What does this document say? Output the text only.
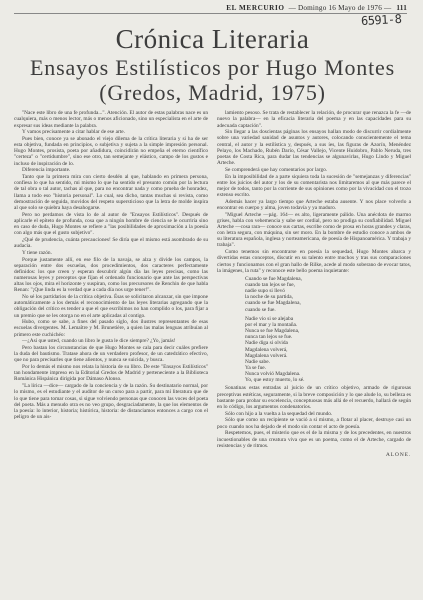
EL MERCURIO — Domingo 16 Mayo de 1976 — 111
6591-8
Crónica Literaria
Ensayos Estilísticos por Hugo Montes
(Gredos, Madrid, 1975)

"Nace este libro de una fe profunda...". Atención. El autor de estas palabras nace es un cualquiera, más o menos lector, más o menos aficionado, sino un especialista en el arte de expresar sus ideas mediante la palabra.

Y vamos precisamente a citar hablar de ese arte.

Pues bien, conoce ya se abonado el viejo dilema de la crítica literaria y si ha de ser esta objetiva, fundada en principios, o subjetiva y sujeta a la simple impresión personal. Hugo Montes, prosista, poeta por añadidura, coincidirán no empeña el eterno científico "certeza" o "certidumbre", sino ese otro, tan semejante y elástico, campo de los gustos e incluso de inspiración de lo.

Diferencia importante.

Tanto que la primera mira con cierto desdén al que, hablando en primera persona, confiesa lo que ha sentido, mi mismo lo que ha sentido el presunto común por la lectura de tal obra o tal autor, tachas al que, para no encontrar nada y como prueba de honradez, llama a todo eso "historia personal". Lo cual, sea dicho, tantas muchas si revista, como demostración de seguida, movidos del respeto supersticioso que la letra de molde inspira al que solo se quiebra haya desahogarse.

Pero no perdamos de vista lo de al autor de "Ensayos Estilísticos". Después de aplicarle el epíteto de profunda, cosa que a ningún hombre de ciencia se le ocurriría sino en caso de duda, Hugo Montes se refiere a "las posibilidades de aproximación a la poesía con algo más que el gusto subjetivo".

¿Qué de prudencia, cuánta precauciones! Se diría que el mismo está asombrado de su audacia.

Y tiene razón.

Porque justamente allí, en ese filo de la navaja, se alza y divide los campos, la separación entre dos escuelas, dos procedimientos, dos caracteres perfectamente definidos: los que creen y esperan descubrir algún día las leyes precisas, como las numerosas leyes y preceptos que fijan el ordenado funcionario que ante las perspectivas altas los ojos, mira el horizonte y suspiran, como los precursores de Renchin de que habla Renan: "¡Que linda es la verdad que a cada día nos urge tener!".

No sé los partidarios de la crítica objetiva. Ésas se solicitaron alcanzar, sin que impone automáticamente a los demás el reconocimiento de las leyes literarias agregando que la obligación del crítico es tender a que el que escribimos no han complido o los, para fijar a un premio que se les otorga no en el arte aplicadas al contigo.

Hubo, como se sabe, a fines del pasado siglo, dos ilustres representantes de esas escuelas divergentes. M. Lemaître y M. Brunetière, a quien las malas lenguas atribuían al primero este cuchichéo:

—¿Así que usted, cuando un libro le gusta le dice siempre? ¿Yo, jamás!

Pero bastan los circunstancias de que Hugo Montes se cala para decir cuáles prefiere la duda del bautismo. Tratase ahora de un verdadero profesor, de un catedrático efectivo, que no para precisarles que tiene alientos, y nunca se suicida, y busca.

Por lo demás el mismo nos relata la historia de su libro. De este "Ensayos Estilísticos" tan hondamente impreso en la Editorial Gredos de Madrid y perteneciente a la Biblioteca Románica Hispánica dirigida por Dámaso Alonso.

"La lírica —dice— cargado de la conciencia y de la razón. Su destinatario normal, por lo mismo, es el estudiante y el auditor de un curso para a partir, para mí literatura que de lo que tiene para tomar cosas, si sigue volviendo personas que conocen las voces del poeta del poeta. Más a menudo otra es no veo grupo, desgraciadamente, la que los elementos de la poesía: lo interior, historia; histórica, historia: de distanciamos entonces a cargo con el peligro de un ais-

lamiento pesoso. Se trata de restablecer la relación, de procurar que renazca la fe —de nuevo la palabra— en la eficacia literaria del poema y en las capacidades para su adecuada captación".

Sin llegar a las doscientas páginas los ensayos hallan modo de discurrir cordialmente sobre una variedad sanidad de asuntos y autores, colocando conscientemente el tema central, el autor y la estilística y, después, a sus íes, las figuras de Azorín, Menéndez Pelayo, los Machado, Rubén Darío, César Vallejo, Vicente Huidobro, Pablo Neruda, tres poetas de Costa Rica, para dudar las tendencias se algunavirlas, Hugo Lindo y Miguel Arteche.

Se comprenderá que hay comentarios por largo.

En la imposibilidad de a parte siquiera toda la sucesión de "semejanzas y diferencias" entre los juicios del autor y los de su comentarista nos limitaremos al que más parece el mejor de todos, tanto por la corriente de sus opiniones como por la vivacidad con el trozo extenso escrito.

Además hacer ya largo tiempo que Arteche estaba ausente. Y nos place volverlo a encontrar en cuerpo y alma, joven todavía y ya maduro.

"Miguel Arteche —pág. 164— es alto, ligeramente pálido. Una anécdota de marmo grises, habla con vehemencia y sabe ser cordial, pero no prodiga su confiabilidad. Miguel Arteche —cosa rara— conoce sus cartas, escribe como de prosa en horas grandes y claras, con letra segura, con máquina, sin ser moro. En la bombre de estudio conoce a ambos de su literatura española, inglesa y norteamericana, de poesía de Hispanoamérica. Y trabaja y trabaja".

Como tenemos sin encontrarse en poesía la sequedad, Hugo Montes abarca y divertidas estas conceptos, discutir en su talento entre muchos y tras sus comparaciones ciertos y funcionamos con el gran hallo de Rilke, acede al modo soberano de evocar tatos, la imágenes, la ruta" y reconoce este bello poema inquietante:

Cuando se fue Magdalena,
cuando tan lejos se fue,
nadie supo si llevó
la noche de su partida,
cuando se fue Magdalena,
cuando se fue.
Nadie vio si se alejaba
por el mar y la montaña.
Nunca se fue Magdalena,
nunca tan lejos se fue.
Nadie diga si olvida
Magdalena volverá,
Magdalena volverá.
Nadie sabe.
Ya se fue.
Nunca volvió Magdalena.
Yo, que estoy muerto, lo sé.

Sonatinas estas entradas al juicio de un crítico objetivo, armado de rigurosas preceptivas estéticas, seguramente, si la breve composición y lo que alude lo, su belleza es bastante para probar su excelencia, conceptuosas más allá de el recuerdo, hallará de según en lo código, los argumentos condenatorios.

Sólo con hijo a la vuelta a la sequedad del mundo.

Sólo que como un recipiente se vació a sí mismo, a flotar al placer, destruye casi un poco cuando nos ha dejado de el modo sin contar el acto de poesía.

Respetemos, pues, el misterio que es el de la misma y de los precedentes, en nuestros incuestionables de una creatura viva que es un poema, como el de Arteche, cargado de resistencias y de ritmos.

ALONE.
